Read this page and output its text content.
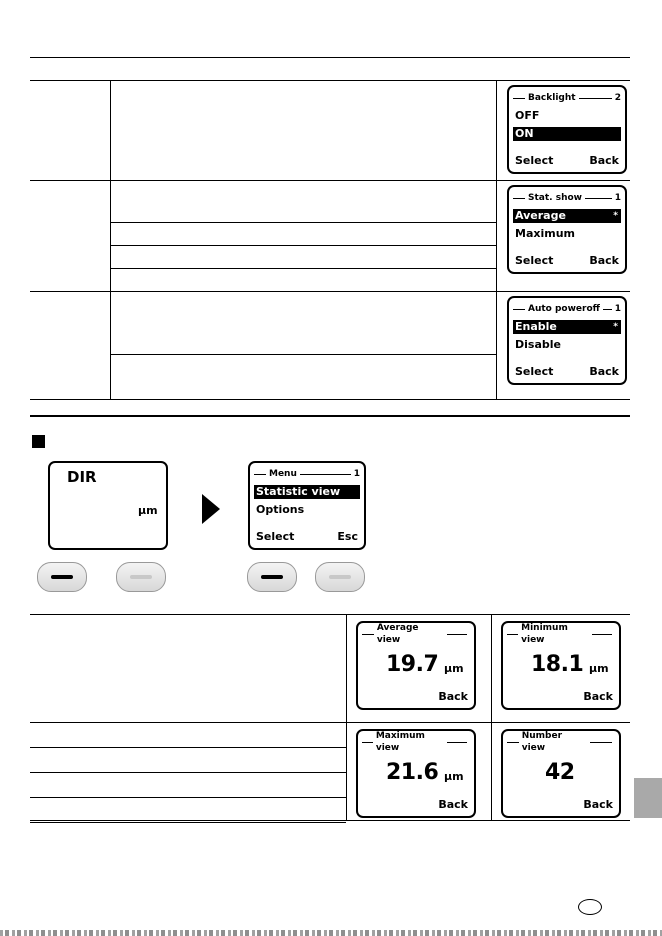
Backlight	2
OFF
ON
Select	Back
Stat. show	1
Average	*
Maximum
Select	Back
Auto poweroff 1
Enable	*
Disable
Select	Back
DIR
µm
Menu	1
Statistic view
Options
Select	Esc
Average view
19.7 µm
Back
Minimum view
18.1 µm
Back
Maximum view
21.6 µm
Back
Number view
42
Back
